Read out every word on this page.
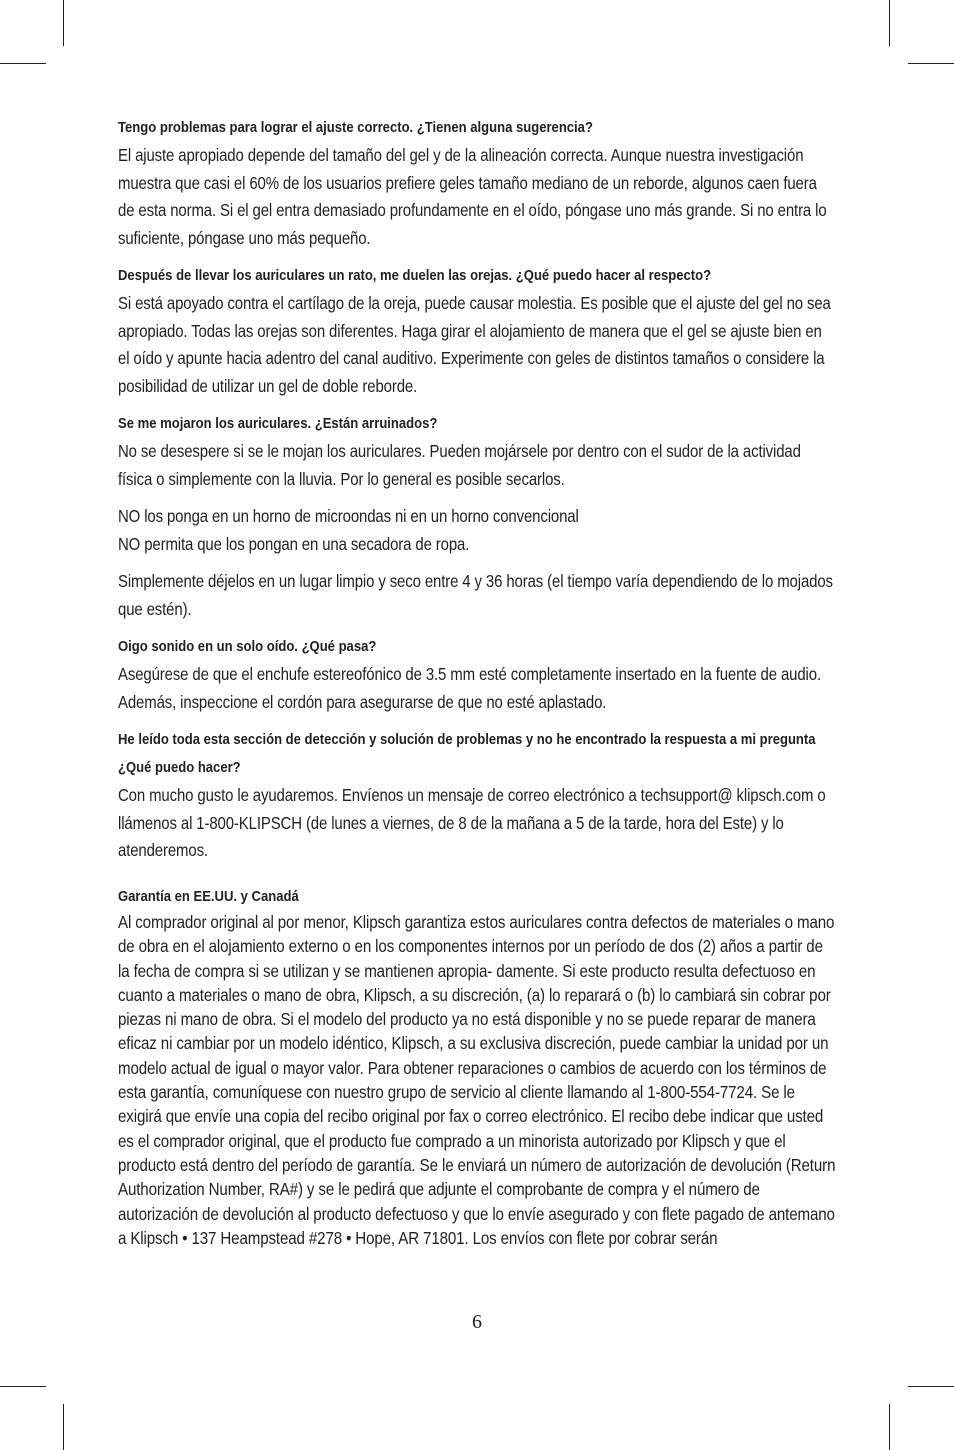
Tengo problemas para lograr el ajuste correcto. ¿Tienen alguna sugerencia?

El ajuste apropiado depende del tamaño del gel y de la alineación correcta. Aunque nuestra investigación muestra que casi el 60% de los usuarios prefiere geles tamaño mediano de un reborde, algunos caen fuera de esta norma. Si el gel entra demasiado profundamente en el oído, póngase uno más grande. Si no entra lo suficiente, póngase uno más pequeño.

Después de llevar los auriculares un rato, me duelen las orejas. ¿Qué puedo hacer al respecto?

Si está apoyado contra el cartílago de la oreja, puede causar molestia. Es posible que el ajuste del gel no sea apropiado. Todas las orejas son diferentes. Haga girar el alojamiento de manera que el gel se ajuste bien en el oído y apunte hacia adentro del canal auditivo. Experimente con geles de distintos tamaños o considere la posibilidad de utilizar un gel de doble reborde.

Se me mojaron los auriculares. ¿Están arruinados?

No se desespere si se le mojan los auriculares. Pueden mojársele por dentro con el sudor de la actividad física o simplemente con la lluvia. Por lo general es posible secarlos.

NO los ponga en un horno de microondas ni en un horno convencional
NO permita que los pongan en una secadora de ropa.

Simplemente déjelos en un lugar limpio y seco entre 4 y 36 horas (el tiempo varía dependiendo de lo mojados que estén).

Oigo sonido en un solo oído. ¿Qué pasa?

Asegúrese de que el enchufe estereofónico de 3.5 mm esté completamente insertado en la fuente de audio. Además, inspeccione el cordón para asegurarse de que no esté aplastado.

He leído toda esta sección de detección y solución de problemas y no he encontrado la respuesta a mi pregunta ¿Qué puedo hacer?

Con mucho gusto le ayudaremos. Envíenos un mensaje de correo electrónico a techsupport@ klipsch.com o llámenos al 1-800-KLIPSCH (de lunes a viernes, de 8 de la mañana a 5 de la tarde, hora del Este) y lo atenderemos.

Garantía en EE.UU. y Canadá

Al comprador original al por menor, Klipsch garantiza estos auriculares contra defectos de materiales o mano de obra en el alojamiento externo o en los componentes internos por un período de dos (2) años a partir de la fecha de compra si se utilizan y se mantienen apropia- damente. Si este producto resulta defectuoso en cuanto a materiales o mano de obra, Klipsch, a su discreción, (a) lo reparará o (b) lo cambiará sin cobrar por piezas ni mano de obra. Si el modelo del producto ya no está disponible y no se puede reparar de manera eficaz ni cambiar por un modelo idéntico, Klipsch, a su exclusiva discreción, puede cambiar la unidad por un modelo actual de igual o mayor valor. Para obtener reparaciones o cambios de acuerdo con los términos de esta garantía, comuníquese con nuestro grupo de servicio al cliente llamando al 1-800-554-7724. Se le exigirá que envíe una copia del recibo original por fax o correo electrónico. El recibo debe indicar que usted es el comprador original, que el producto fue comprado a un minorista autorizado por Klipsch y que el producto está dentro del período de garantía. Se le enviará un número de autorización de devolución (Return Authorization Number, RA#) y se le pedirá que adjunte el comprobante de compra y el número de autorización de devolución al producto defectuoso y que lo envíe asegurado y con flete pagado de antemano a Klipsch • 137 Heampstead #278 • Hope, AR 71801. Los envíos con flete por cobrar serán

6
